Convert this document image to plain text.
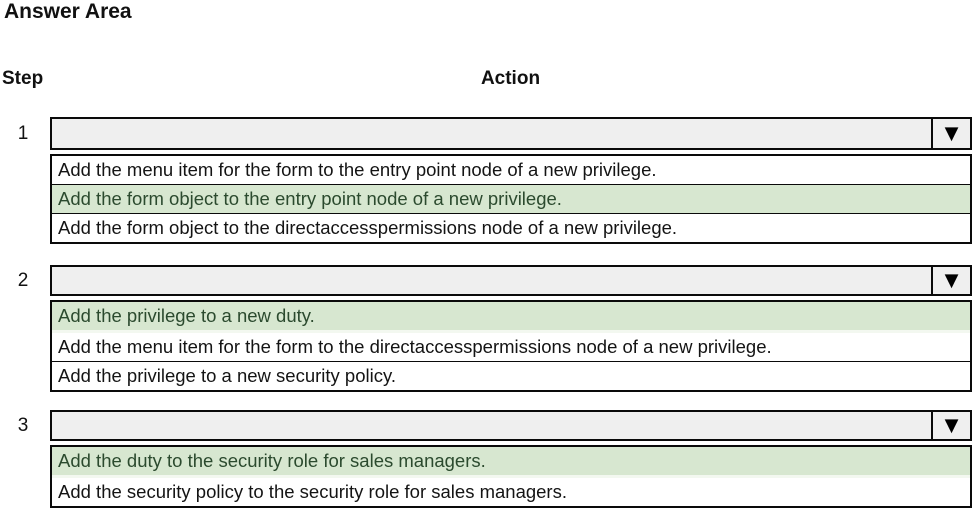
Answer Area
Step	Action
1	▼
Add the menu item for the form to the entry point node of a new privilege.
Add the form object to the entry point node of a new privilege.
Add the form object to the directaccesspermissions node of a new privilege.
2	▼
Add the privilege to a new duty.
Add the menu item for the form to the directaccesspermissions node of a new privilege.
Add the privilege to a new security policy.
3	▼
Add the duty to the security role for sales managers.
Add the security policy to the security role for sales managers.
